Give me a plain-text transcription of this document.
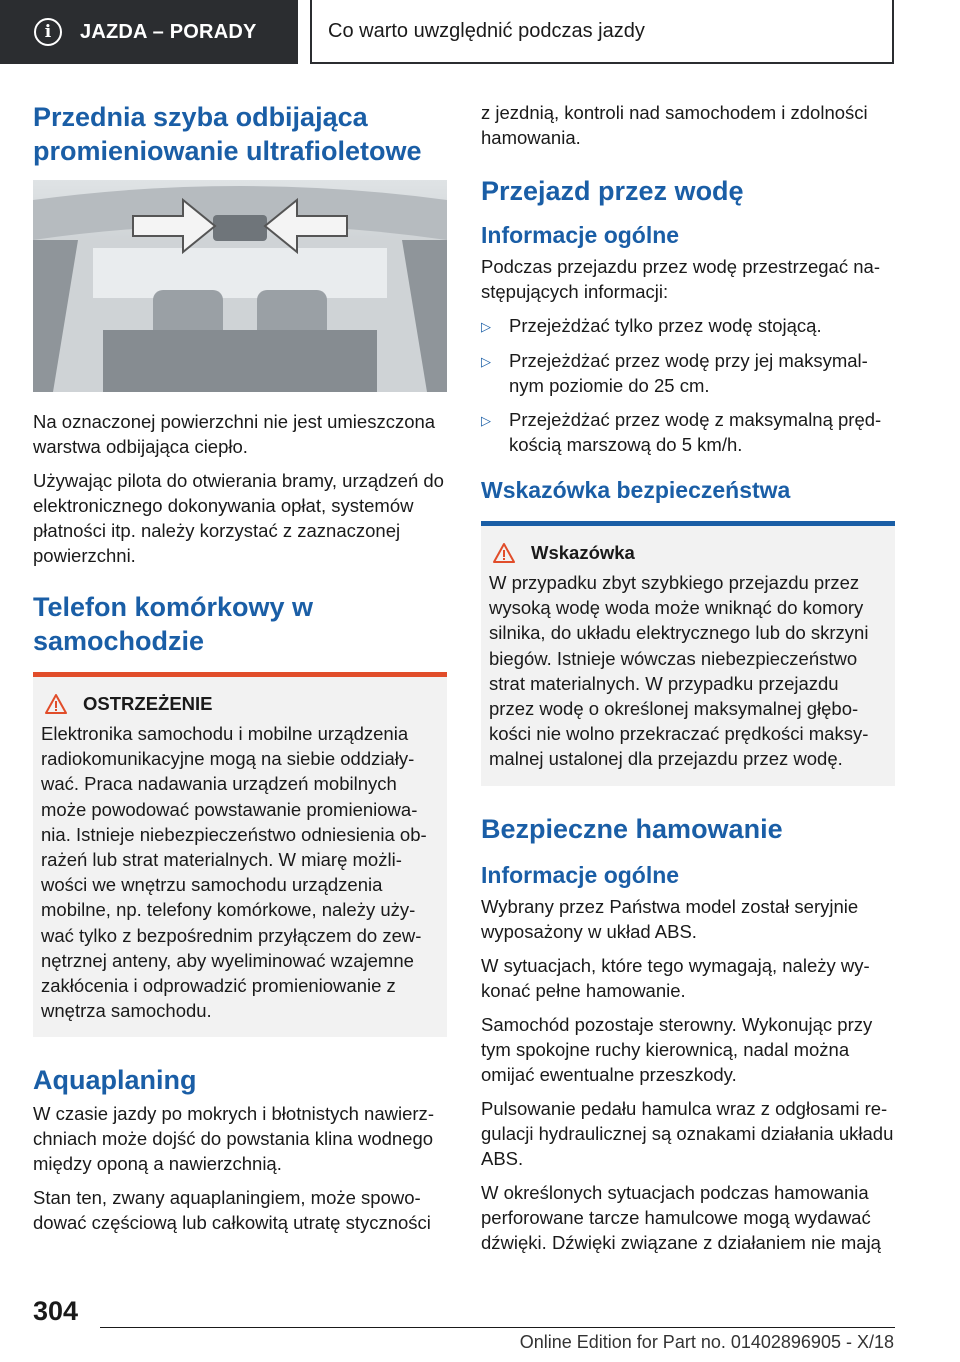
i	JAZDA – PORADY	Co warto uwzględnić podczas jazdy
Przednia szyba odbijająca promieniowanie ultrafioletowe

Na oznaczonej powierzchni nie jest umieszczona warstwa odbijająca ciepło.

Używając pilota do otwierania bramy, urządzeń do elektronicznego dokonywania opłat, systemów płatności itp. należy korzystać z zaznaczonej powierzchni.

Telefon komórkowy w samochodzie
OSTRZEŻENIE

Elektronika samochodu i mobilne urządzenia radiokomunikacyjne mogą na siebie oddziaływać. Praca nadawania urządzeń mobilnych może powodować powstawanie promieniowania. Istnieje niebezpieczeństwo odniesienia obrażeń lub strat materialnych. W miarę możliwości we wnętrzu samochodu urządzenia mobilne, np. telefony komórkowe, należy używać tylko z bezpośrednim przyłączem do zewnętrznej anteny, aby wyeliminować wzajemne zakłócenia i odprowadzić promieniowanie z wnętrza samochodu.

Aquaplaning

W czasie jazdy po mokrych i błotnistych nawierzchniach może dojść do powstania klina wodnego między oponą a nawierzchnią.

Stan ten, zwany aquaplaningiem, może spowodować częściową lub całkowitą utratę styczności

z jezdnią, kontroli nad samochodem i zdolności hamowania.

Przejazd przez wodę
Informacje ogólne

Podczas przejazdu przez wodę przestrzegać następujących informacji:

▷ Przejeżdżać tylko przez wodę stojącą.
▷ Przejeżdżać przez wodę przy jej maksymalnym poziomie do 25 cm.
▷ Przejeżdżać przez wodę z maksymalną prędkością marszową do 5 km/h.
Wskazówka bezpieczeństwa
Wskazówka

W przypadku zbyt szybkiego przejazdu przez wysoką wodę woda może wniknąć do komory silnika, do układu elektrycznego lub do skrzyni biegów. Istnieje wówczas niebezpieczeństwo strat materialnych. W przypadku przejazdu przez wodę o określonej maksymalnej głębokości nie wolno przekraczać prędkości maksymalnej ustalonej dla przejazdu przez wodę.

Bezpieczne hamowanie
Informacje ogólne

Wybrany przez Państwa model został seryjnie wyposażony w układ ABS.

W sytuacjach, które tego wymagają, należy wykonać pełne hamowanie.

Samochód pozostaje sterowny. Wykonując przy tym spokojne ruchy kierownicą, nadal można omijać ewentualne przeszkody.

Pulsowanie pedału hamulca wraz z odgłosami regulacji hydraulicznej są oznakami działania układu ABS.

W określonych sytuacjach podczas hamowania perforowane tarcze hamulcowe mogą wydawać dźwięki. Dźwięki związane z działaniem nie mają

304
Online Edition for Part no. 01402896905 - X/18
